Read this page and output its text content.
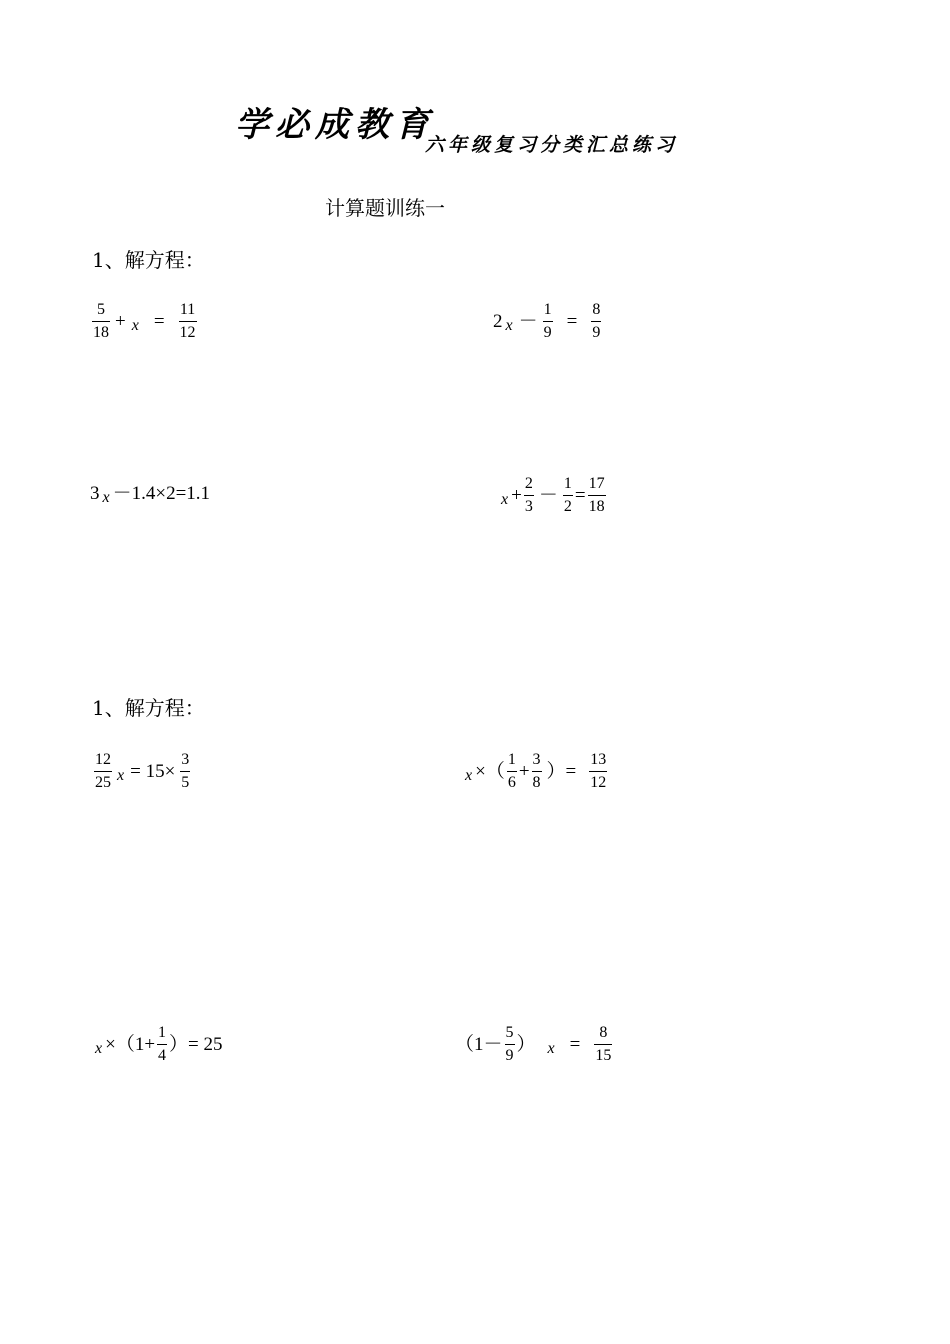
学必成教育
六年级复习分类汇总练习
计算题训练一
1、解方程：
$\frac{5}{18} + x = \frac{11}{12}$	2 $x - \frac{1}{9} = \frac{8}{9}$
3 x －1.4×2=1.1	$x + \frac{2}{3} - \frac{1}{2} = \frac{17}{18}$
1、解方程：
$\frac{12}{25}$ $x = 15\times \frac{3}{5}$	x ×（ $\frac{1}{6} + \frac{3}{8}$ ）= $\frac{13}{12}$
$x \times(1+ \frac{1}{4}$ ）= 25	（$1- \frac{5}{9}$ ） $x = \frac{8}{15}$
